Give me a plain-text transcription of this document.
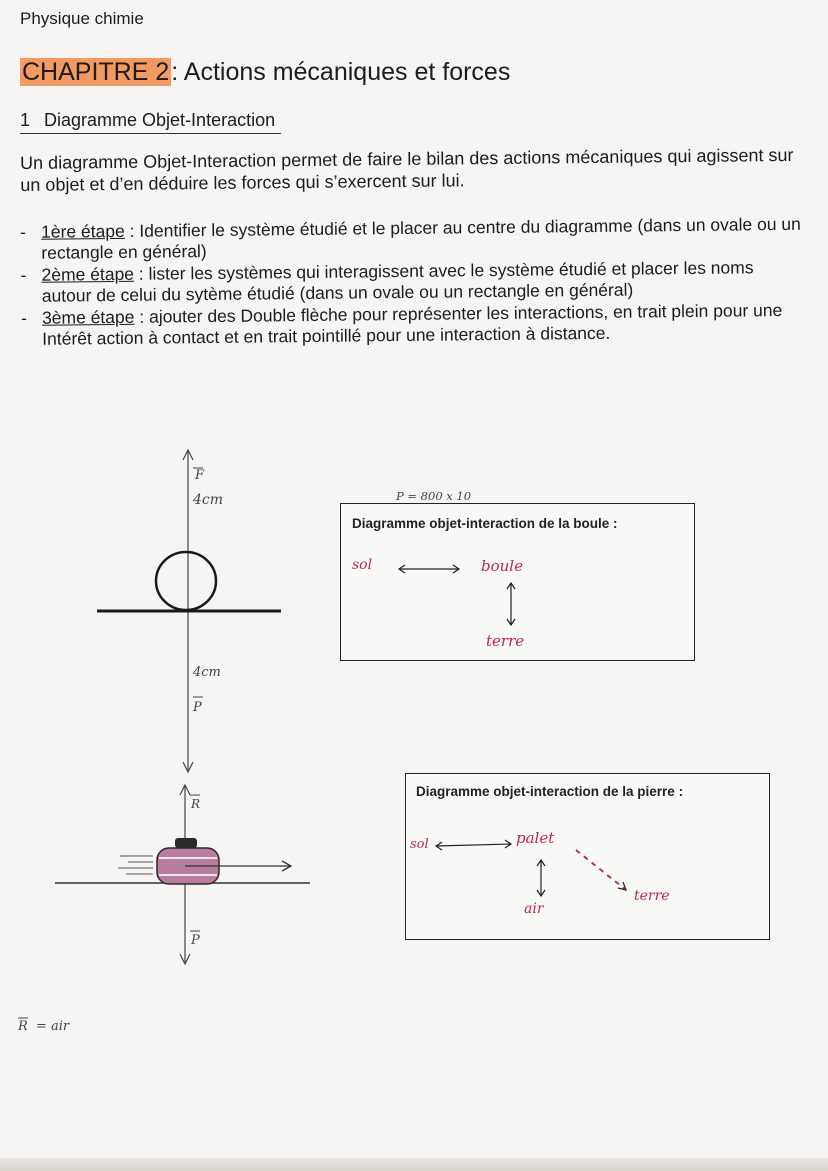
Physique chimie
CHAPITRE 2: Actions mécaniques et forces
1 Diagramme Objet-Interaction
Un diagramme Objet-Interaction permet de faire le bilan des actions mécaniques qui agissent sur un objet et d’en déduire les forces qui s’exercent sur lui.
- 1ère étape : Identifier le système étudié et le placer au centre du diagramme (dans un ovale ou un rectangle en général)
- 2ème étape : lister les systèmes qui interagissent avec le système étudié et placer les noms autour de celui du sytème étudié (dans un ovale ou un rectangle en général)
- 3ème étape : ajouter des Double flèche pour représenter les interactions, en trait plein pour une Intérêt action à contact et en trait pointillé pour une interaction à distance.
F
4cm
4cm
P
P = 800 x 10
Diagramme objet-interaction de la boule :
sol	boule
terre
R
P
Diagramme objet-interaction de la pierre :
sol	palet
air
terre
R = air
